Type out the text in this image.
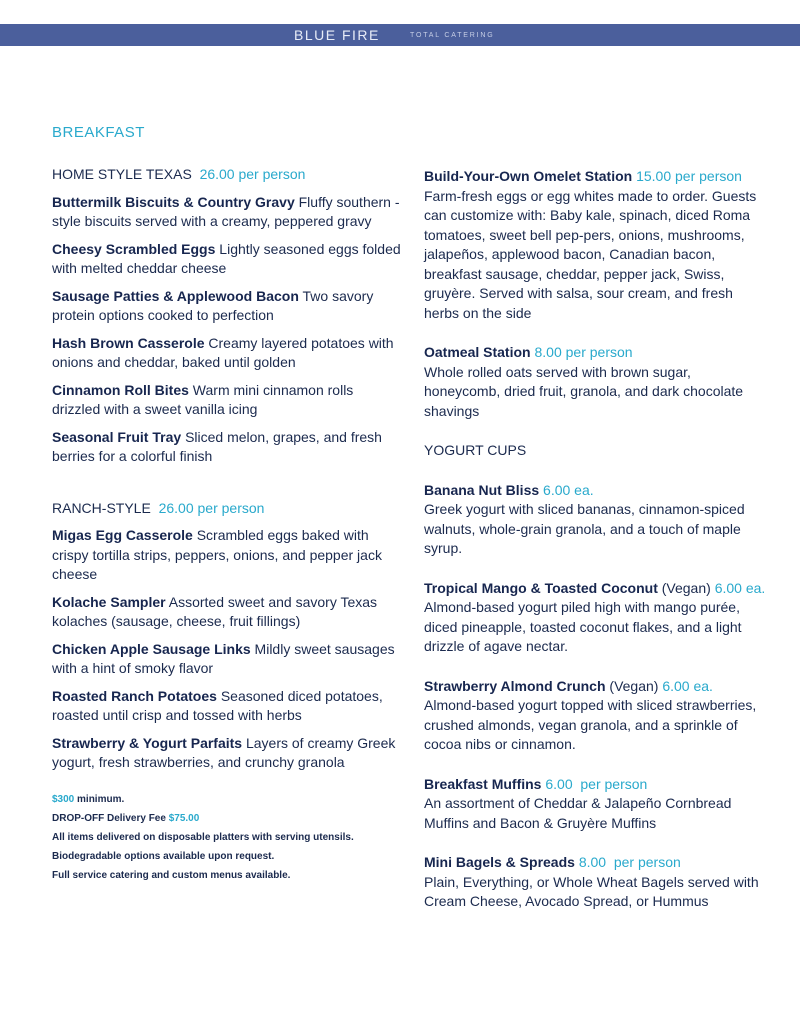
BLUE FIRE	TOTAL CATERING
BREAKFAST
HOME STYLE TEXAS 26.00 per person
Buttermilk Biscuits & Country Gravy Fluffy southern -style biscuits served with a creamy, peppered gravy
Cheesy Scrambled Eggs Lightly seasoned eggs folded with melted cheddar cheese
Sausage Patties & Applewood Bacon Two savory protein options cooked to perfection
Hash Brown Casserole Creamy layered potatoes with onions and cheddar, baked until golden
Cinnamon Roll Bites Warm mini cinnamon rolls drizzled with a sweet vanilla icing
Seasonal Fruit Tray Sliced melon, grapes, and fresh berries for a colorful finish
RANCH-STYLE 26.00 per person
Migas Egg Casserole Scrambled eggs baked with crispy tortilla strips, peppers, onions, and pepper jack cheese
Kolache Sampler Assorted sweet and savory Texas kolaches (sausage, cheese, fruit fillings)
Chicken Apple Sausage Links Mildly sweet sausages with a hint of smoky flavor
Roasted Ranch Potatoes Seasoned diced potatoes, roasted until crisp and tossed with herbs
Strawberry & Yogurt Parfaits Layers of creamy Greek yogurt, fresh strawberries, and crunchy granola
$300 minimum.
DROP-OFF Delivery Fee $75.00
All items delivered on disposable platters with serving utensils.
Biodegradable options available upon request.
Full service catering and custom menus available.

Build-Your-Own Omelet Station 15.00 per person

Farm-fresh eggs or egg whites made to order. Guests can customize with: Baby kale, spinach, diced Roma tomatoes, sweet bell pep-pers, onions, mushrooms, jalapeños, applewood bacon, Canadian bacon, breakfast sausage, cheddar, pepper jack, Swiss, gruyère. Served with salsa, sour cream, and fresh herbs on the side

Oatmeal Station 8.00 per person

Whole rolled oats served with brown sugar, honeycomb, dried fruit, granola, and dark chocolate shavings

YOGURT CUPS

Banana Nut Bliss 6.00 ea.

Greek yogurt with sliced bananas, cinnamon-spiced walnuts, whole-grain granola, and a touch of maple syrup.

Tropical Mango & Toasted Coconut (Vegan) 6.00 ea.

Almond-based yogurt piled high with mango purée, diced pineapple, toasted coconut flakes, and a light drizzle of agave nectar.

Strawberry Almond Crunch (Vegan) 6.00 ea.

Almond-based yogurt topped with sliced strawberries, crushed almonds, vegan granola, and a sprinkle of cocoa nibs or cinnamon.

Breakfast Muffins 6.00  per person

An assortment of Cheddar & Jalapeño Cornbread Muffins and Bacon & Gruyère Muffins

Mini Bagels & Spreads 8.00  per person

Plain, Everything, or Whole Wheat Bagels served with Cream Cheese, Avocado Spread, or Hummus
